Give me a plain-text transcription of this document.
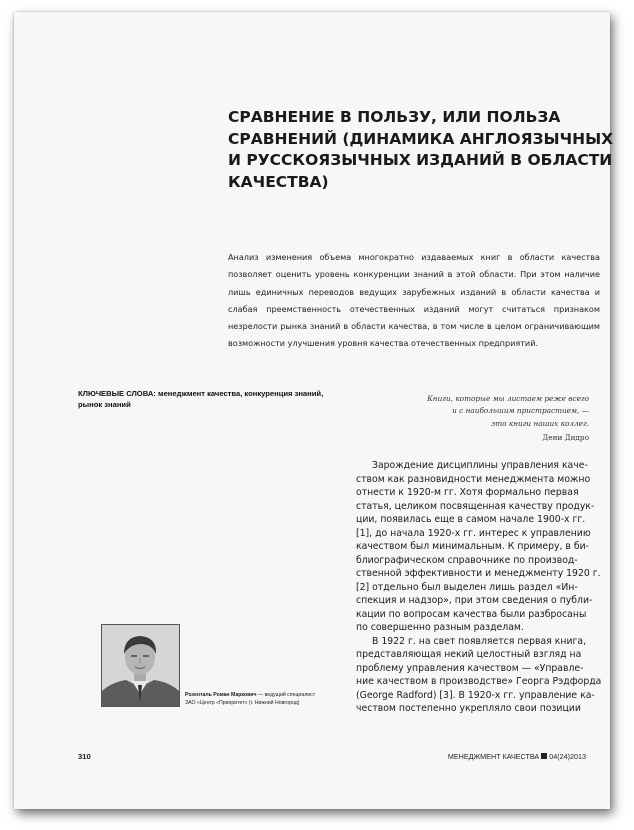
СРАВНЕНИЕ В ПОЛЬЗУ, ИЛИ ПОЛЬЗА
СРАВНЕНИЙ (ДИНАМИКА АНГЛОЯЗЫЧНЫХ
И РУССКОЯЗЫЧНЫХ ИЗДАНИЙ В ОБЛАСТИ
КАЧЕСТВА)

Анализ изменения объема многократно издаваемых книг в области качества позволяет оценить уровень конкуренции знаний в этой области. При этом наличие лишь единичных переводов ведущих зарубежных изданий в области качества и слабая преемственность отечественных изданий могут считаться признаком незрелости рынка знаний в области качества, в том числе в целом ограничивающим возможности улучшения уровня качества отечественных предприятий.

КЛЮЧЕВЫЕ СЛОВА: менеджмент качества, конкуренция знаний, рынок знаний
Книги, которые мы листаем реже всего
и с наибольшим пристрастием, —
это книги наших коллег.
Дени Дидро
Зарождение дисциплины управления каче-
ством как разновидности менеджмента можно
отнести к 1920-м гг. Хотя формально первая
статья, целиком посвященная качеству продук-
ции, появилась еще в самом начале 1900-х гг.
[1], до начала 1920-х гг. интерес к управлению
качеством был минимальным. К примеру, в би-
блиографическом справочнике по производ-
ственной эффективности и менеджменту 1920 г.
[2] отдельно был выделен лишь раздел «Ин-
спекция и надзор», при этом сведения о публи-
кации по вопросам качества были разбросаны
по совершенно разным разделам.
В 1922 г. на свет появляется первая книга,
представляющая некий целостный взгляд на
проблему управления качеством — «Управле-
ние качеством в производстве» Георга Рэдфорда
(George Radford) [3]. В 1920-х гг. управление ка-
чеством постепенно укрепляло свои позиции
Розенталь Роман Маркович — ведущий специалист
ЗАО «Центр «Приоритет» (г. Нижний Новгород)
310	МЕНЕДЖМЕНТ КАЧЕСТВА 04(24)2013
